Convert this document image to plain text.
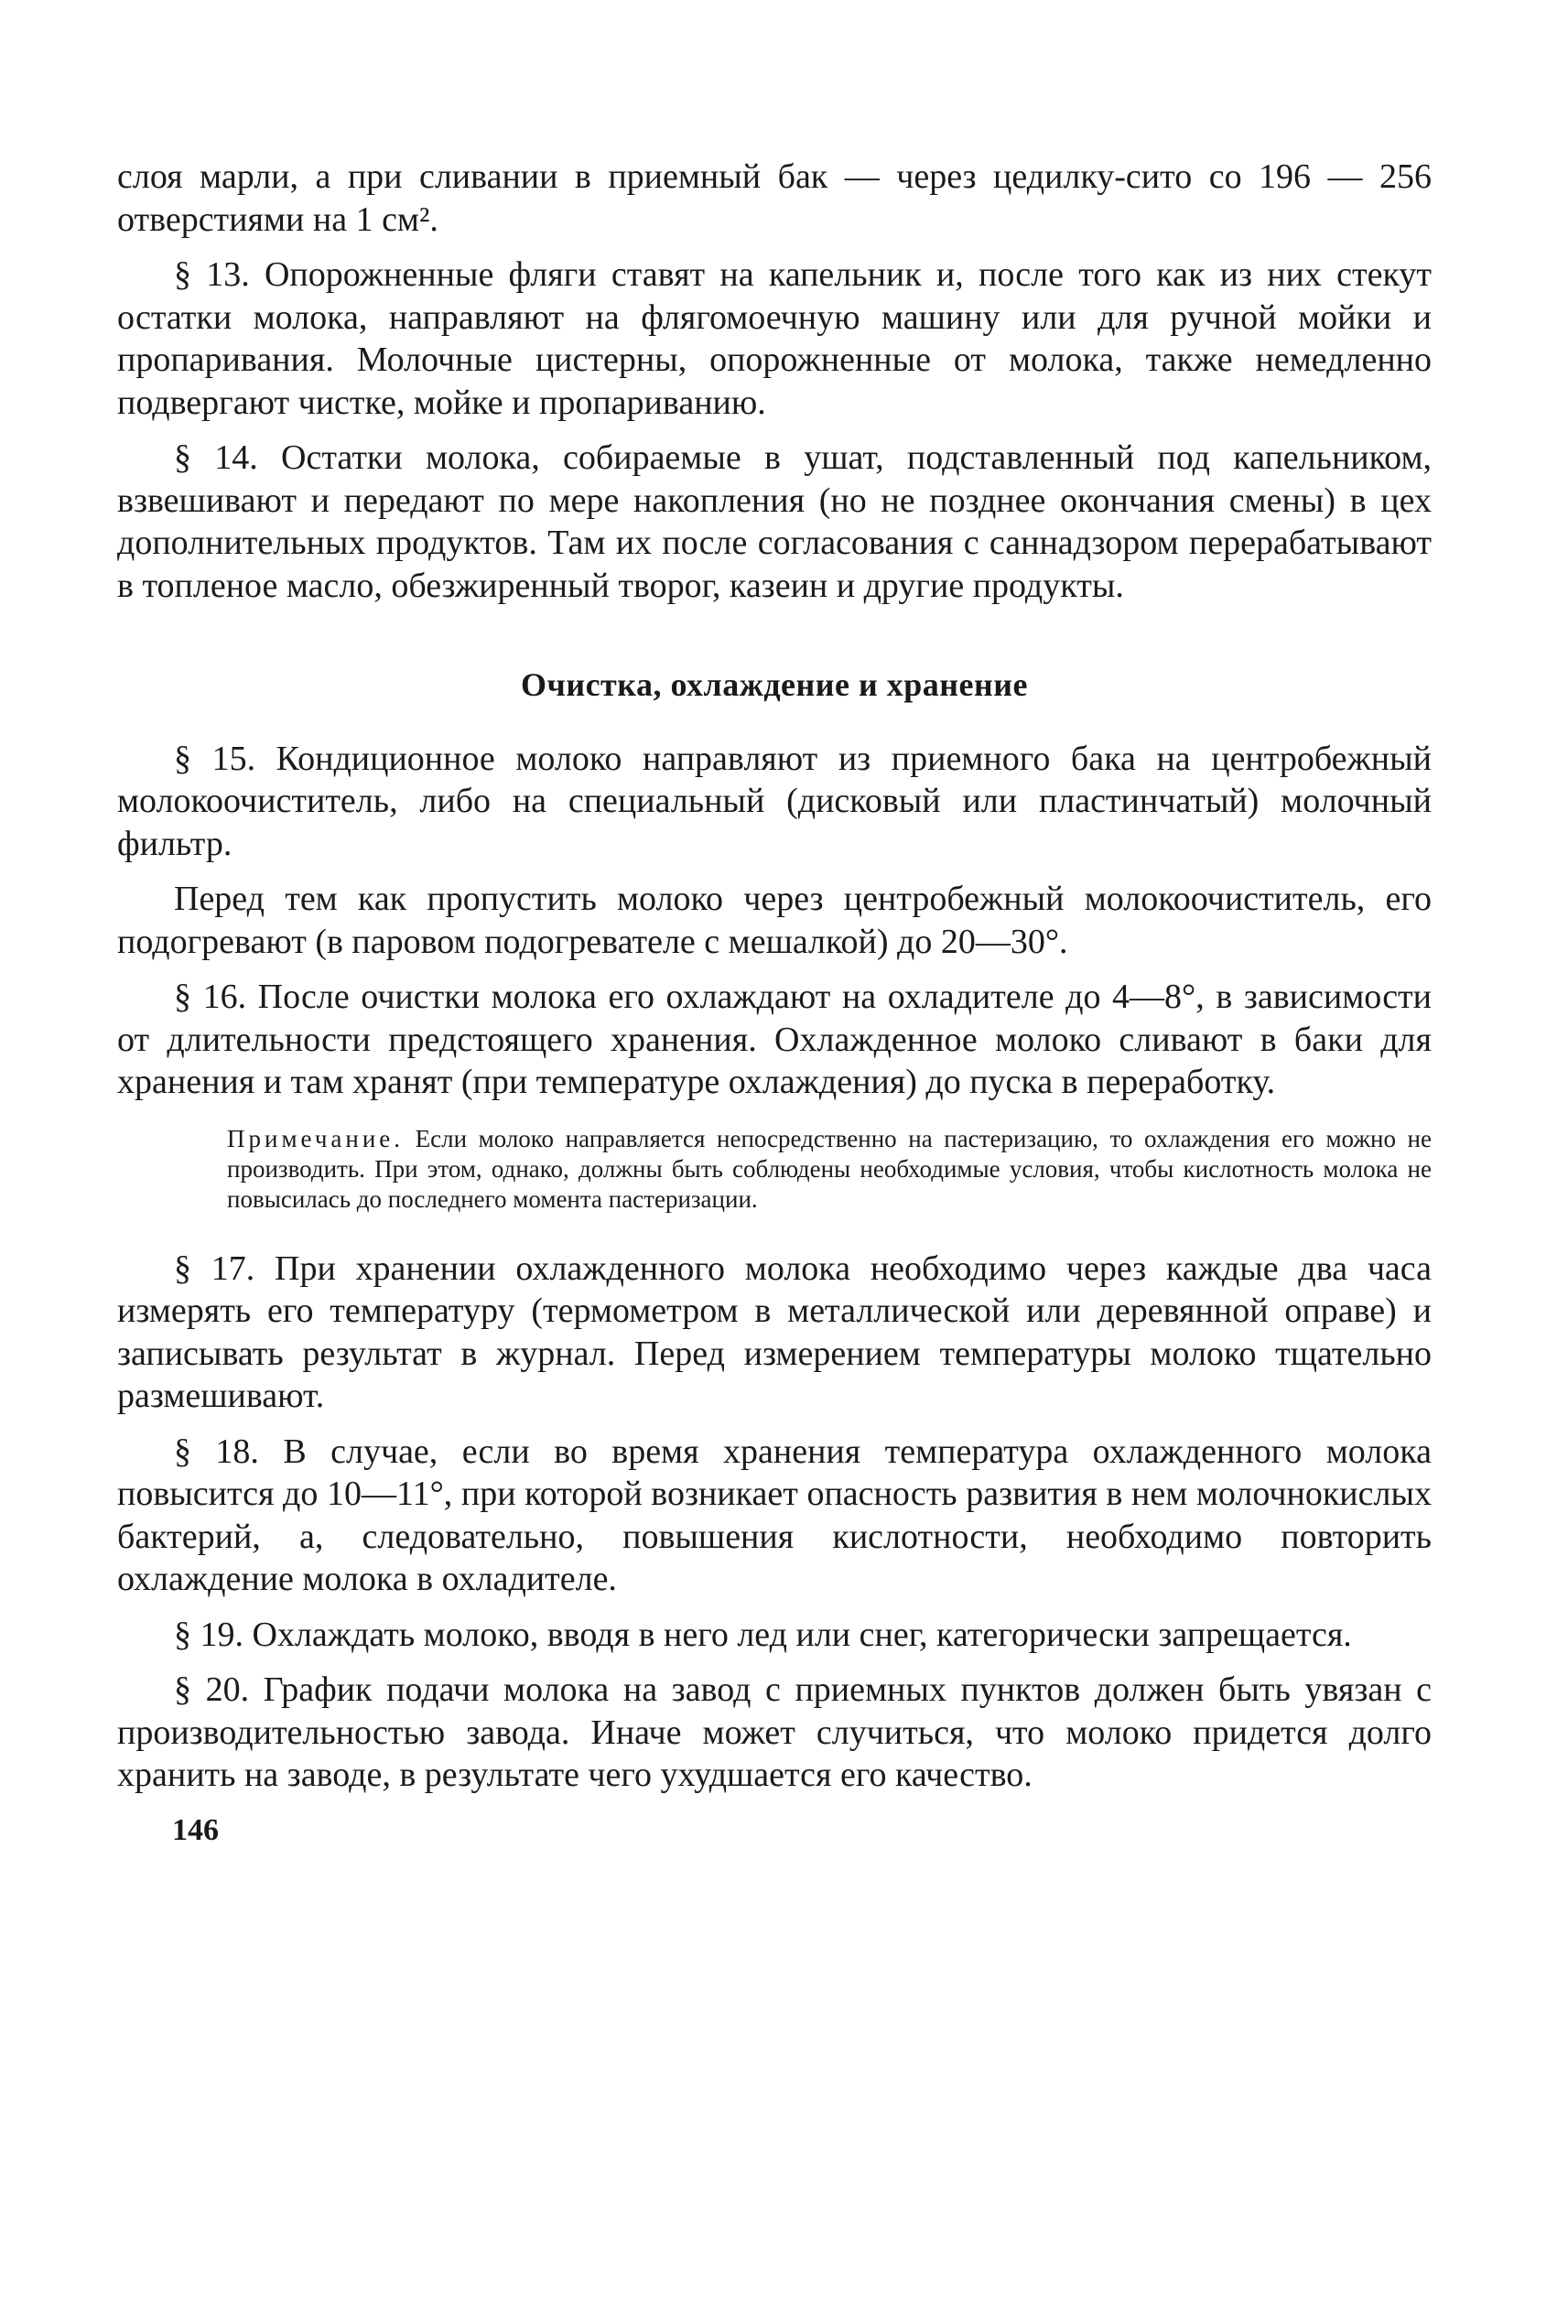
слоя марли, а при сливании в приемный бак — через цедилку-сито со 196 — 256 отверстиями на 1 см².

§ 13. Опорожненные фляги ставят на капельник и, после того как из них стекут остатки молока, направляют на флягомоечную машину или для ручной мойки и пропаривания. Молочные цистерны, опорожненные от молока, также немедленно подвергают чистке, мойке и пропариванию.

§ 14. Остатки молока, собираемые в ушат, подставленный под капельником, взвешивают и передают по мере накопления (но не позднее окончания смены) в цех дополнительных продуктов. Там их после согласования с саннадзором перерабатывают в топленое масло, обезжиренный творог, казеин и другие продукты.

Очистка, охлаждение и хранение

§ 15. Кондиционное молоко направляют из приемного бака на центробежный молокоочиститель, либо на специальный (дисковый или пластинчатый) молочный фильтр.

Перед тем как пропустить молоко через центробежный молокоочиститель, его подогревают (в паровом подогревателе с мешалкой) до 20—30°.

§ 16. После очистки молока его охлаждают на охладителе до 4—8°, в зависимости от длительности предстоящего хранения. Охлажденное молоко сливают в баки для хранения и там хранят (при температуре охлаждения) до пуска в переработку.

Примечание. Если молоко направляется непосредственно на пастеризацию, то охлаждения его можно не производить. При этом, однако, должны быть соблюдены необходимые условия, чтобы кислотность молока не повысилась до последнего момента пастеризации.

§ 17. При хранении охлажденного молока необходимо через каждые два часа измерять его температуру (термометром в металлической или деревянной оправе) и записывать результат в журнал. Перед измерением температуры молоко тщательно размешивают.

§ 18. В случае, если во время хранения температура охлажденного молока повысится до 10—11°, при которой возникает опасность развития в нем молочнокислых бактерий, а, следовательно, повышения кислотности, необходимо повторить охлаждение молока в охладителе.

§ 19. Охлаждать молоко, вводя в него лед или снег, категорически запрещается.

§ 20. График подачи молока на завод с приемных пунктов должен быть увязан с производительностью завода. Иначе может случиться, что молоко придется долго хранить на заводе, в результате чего ухудшается его качество.

146
